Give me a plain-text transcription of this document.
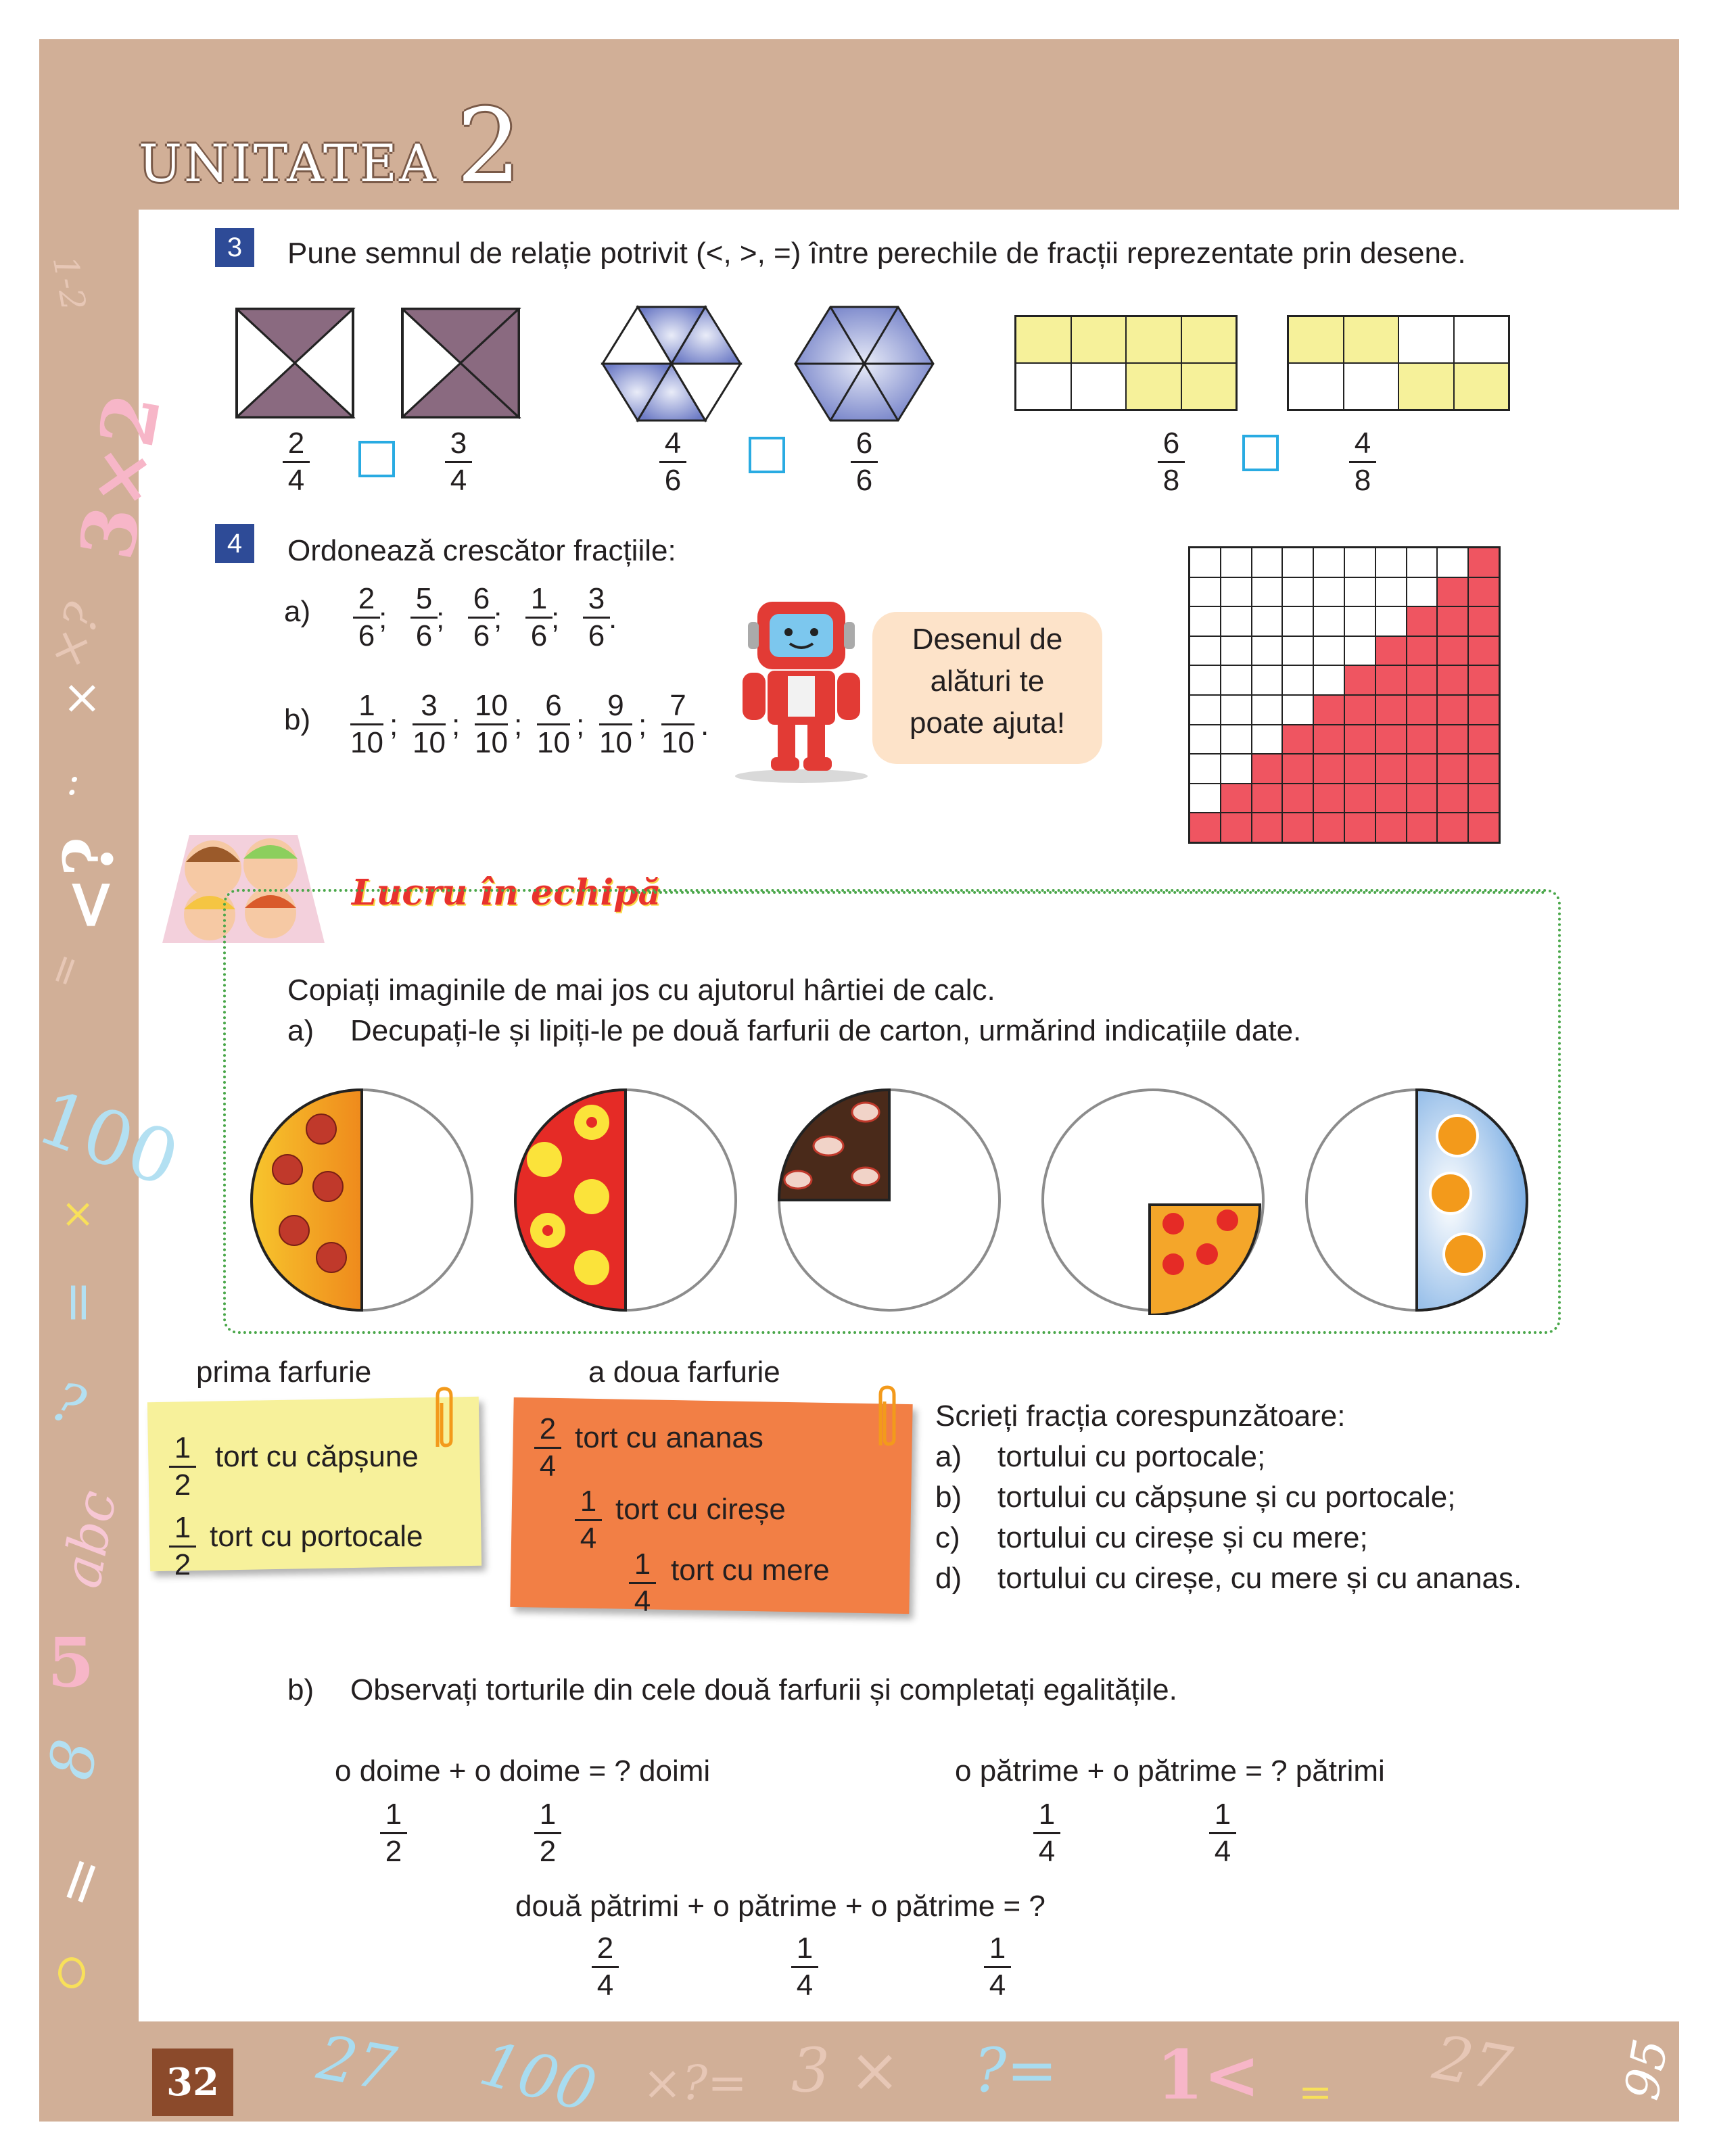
1-2
3×2
×?
×
:
<?
=
100
×
=
?
abc
5
8
=
UNITATEA 2
3	Pune semnul de relație potrivit (<, >, =) între perechile de fracții reprezentate prin desene.
2
4
3
4
4
6
6
6
6
8
4
8
4	Ordonează crescător fracțiile:
a) 2
6
;
5
6
;
6
6
;
1
6
;
3
6
.
b) 1
10
;
3
10
;
10
10
;
6
10
;
9
10
;
7
10
.
Desenul de
alături te
poate ajuta!
Lucru în echipă
Copiați imaginile de mai jos cu ajutorul hârtiei de calc.
a) Decupați-le și lipiți-le pe două farfurii de carton, urmărind indicațiile date.
prima farfurie	a doua farfurie
1
2
tort cu căpșune
1
2
tort cu portocale
2
4
tort cu ananas
1
4
tort cu cireșe
1
4
tort cu mere
Scrieți fracția corespunzătoare:
a) tortului cu portocale;
b) tortului cu căpșune și cu portocale;
c) tortului cu cireșe și cu mere;
d) tortului cu cireșe, cu mere și cu ananas.
b) Observați torturile din cele două farfurii și completați egalitățile.
o doime + o doime = ? doimi
1
2
1
2
o pătrime + o pătrime = ? pătrimi
1
4
1
4
două pătrimi + o pătrime + o pătrime = ?
2
4
1
4
1
4
32 27 100 ×?= 3 × ?= 1< = 27 95
